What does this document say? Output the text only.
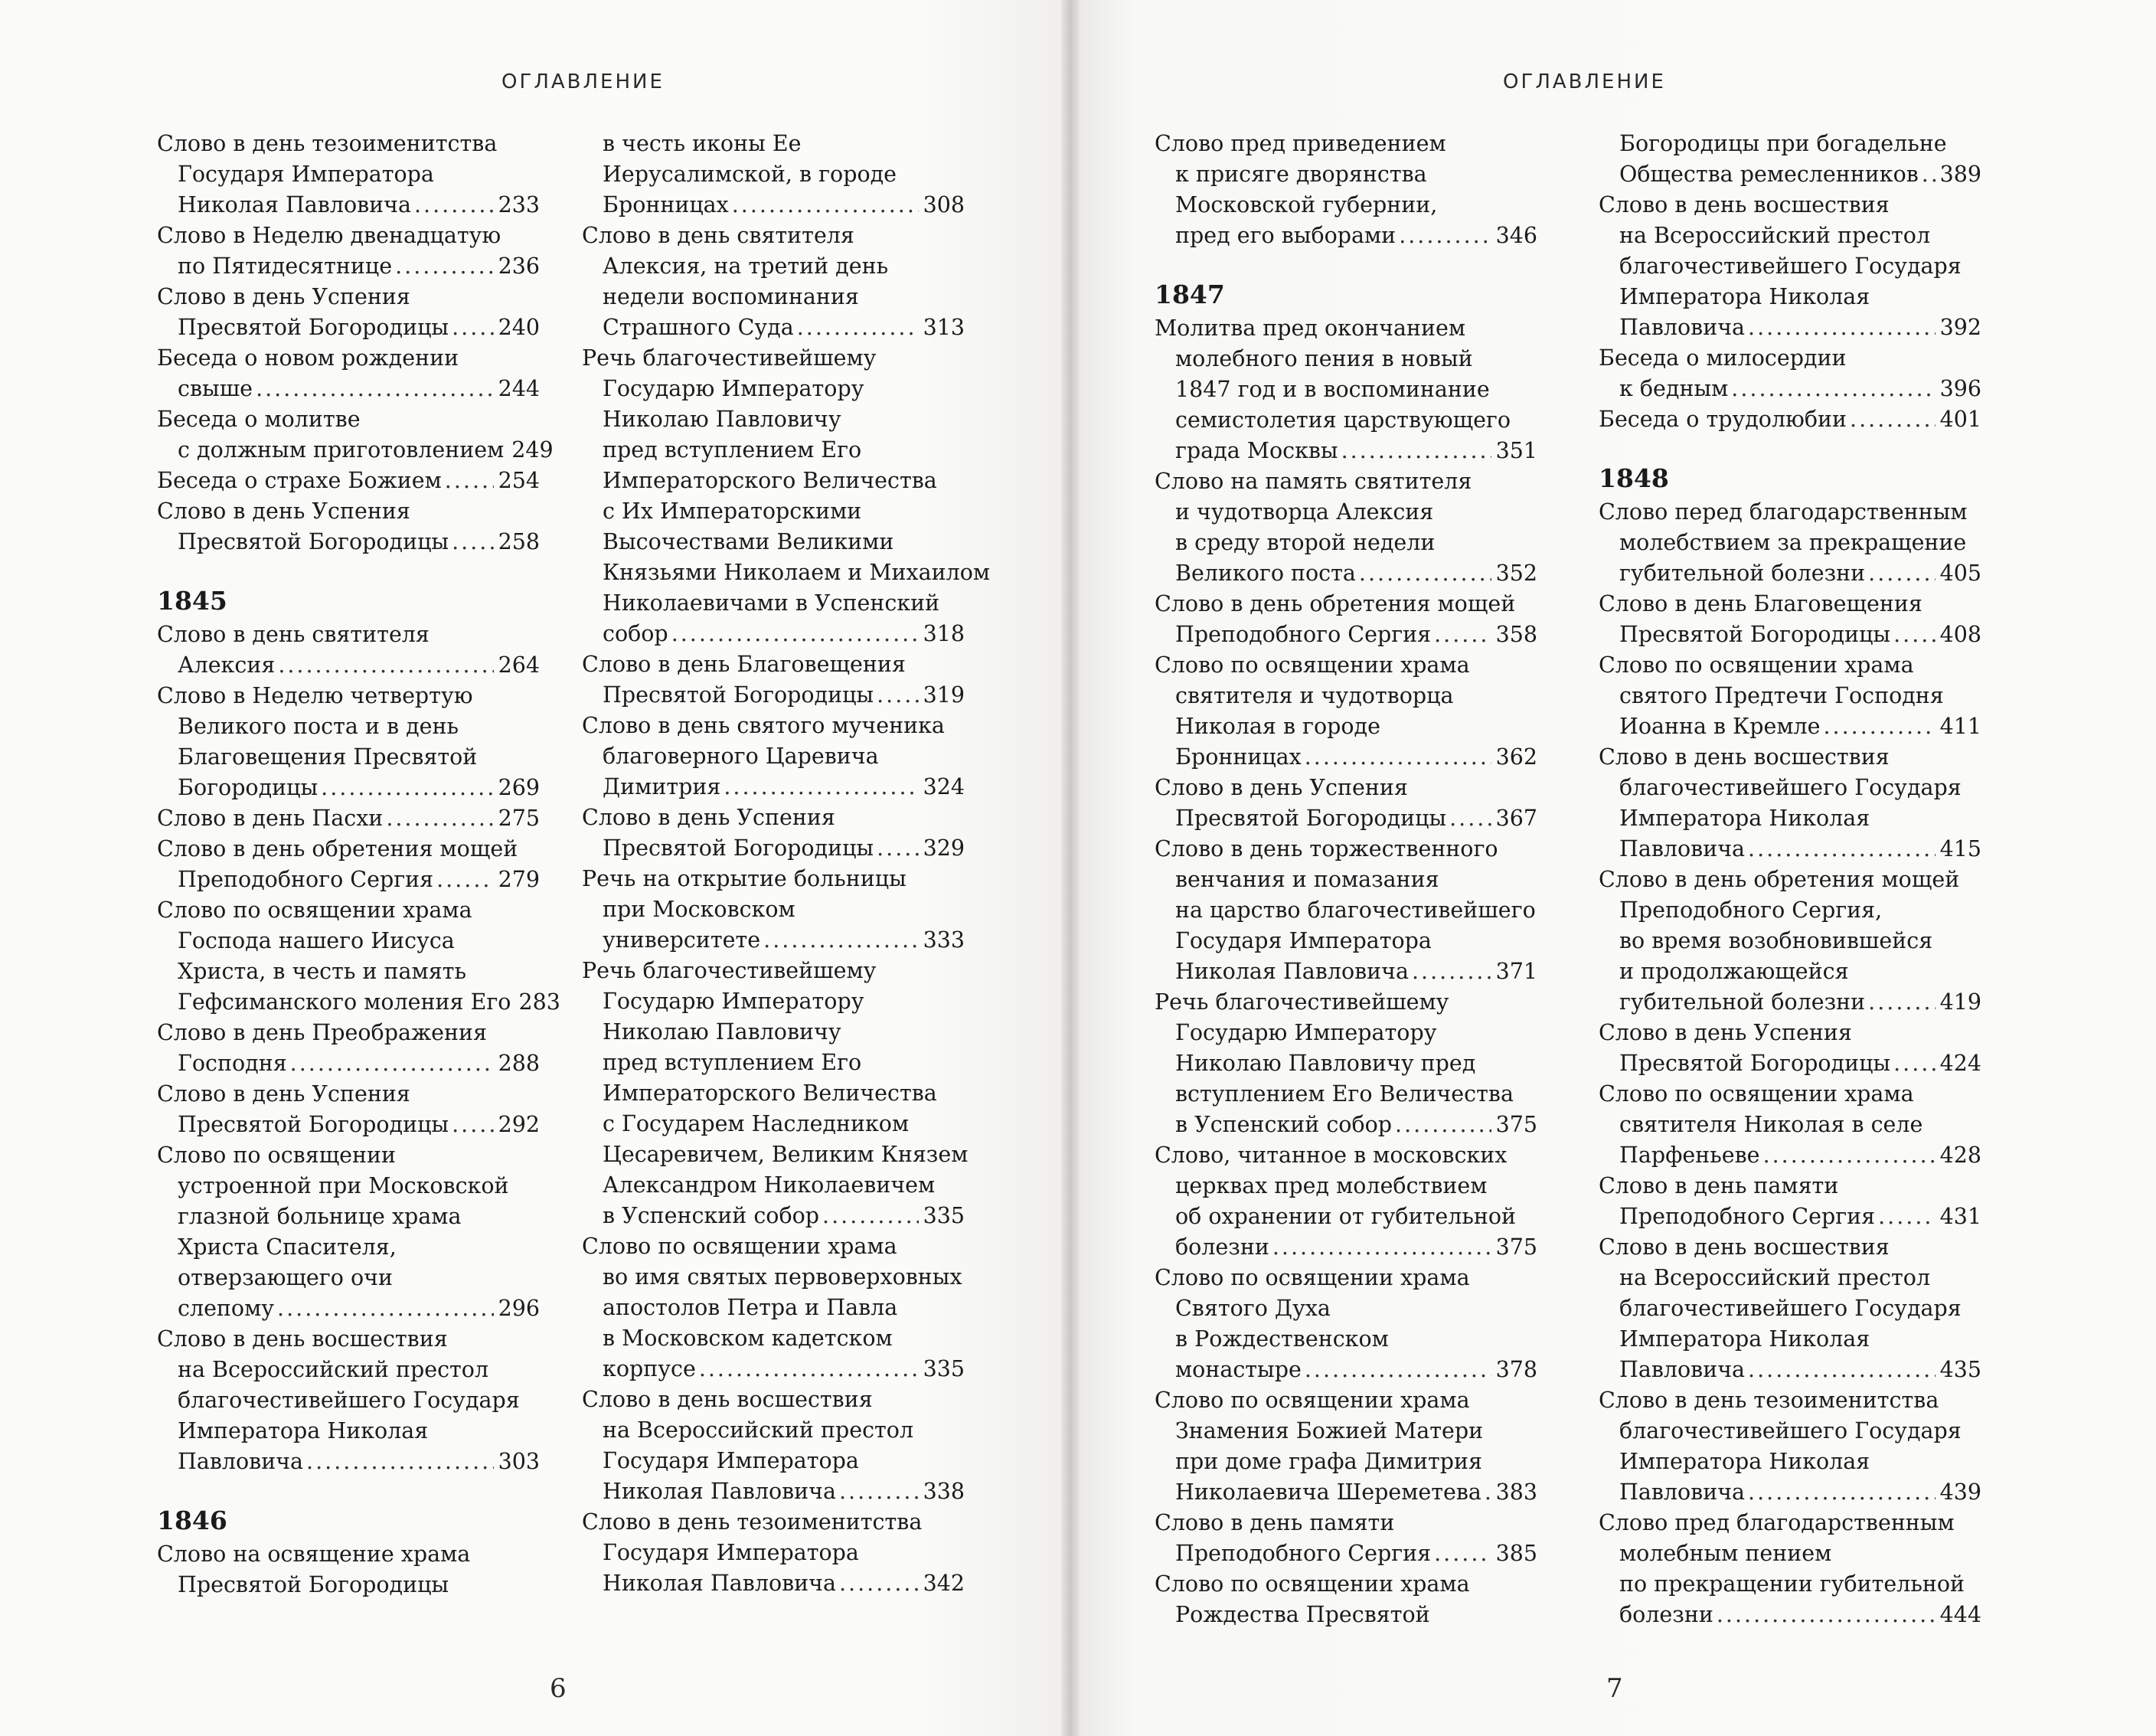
ОГЛАВЛЕНИЕ
Слово в день тезоименитства
Государя Императора
Николая Павловича .....	233
Слово в Неделю двенадцатую
по Пятидесятнице .....	236
Слово в день Успения
Пресвятой Богородицы ..... 240
Беседа о новом рождении
свыше .....	244
Беседа о молитве
с должным приготовлением 249
Беседа о страхе Божием .....	254
Слово в день Успения
Пресвятой Богородицы ..... 258
1845
Слово в день святителя
Алексия .....	264
Слово в Неделю четвертую
Великого поста и в день
Благовещения Пресвятой
Богородицы .....	269
Слово в день Пасхи .....	275
Слово в день обретения мощей
Преподобного Сергия .....	279
Слово по освящении храма
Господа нашего Иисуса
Христа, в честь и память
Гефсиманского моления Его 283
Слово в день Преображения
Господня .....	288
Слово в день Успения
Пресвятой Богородицы ..... 292
Слово по освящении
устроенной при Московской
глазной больнице храма
Христа Спасителя,
отверзающего очи
слепому .....	296
Слово в день восшествия
на Всероссийский престол
благочестивейшего Государя
Императора Николая
Павловича .....	303
1846
Слово на освящение храма
Пресвятой Богородицы
в честь иконы Ее
Иерусалимской, в городе
Бронницах .....	308
Слово в день святителя
Алексия, на третий день
недели воспоминания
Страшного Суда .....	313
Речь благочестивейшему
Государю Императору
Николаю Павловичу
пред вступлением Его
Императорского Величества
с Их Императорскими
Высочествами Великими
Князьями Николаем и Михаилом
Николаевичами в Успенский
собор .....	318
Слово в день Благовещения
Пресвятой Богородицы ..... 319
Слово в день святого мученика
благоверного Царевича
Димитрия .....	324
Слово в день Успения
Пресвятой Богородицы ..... 329
Речь на открытие больницы
при Московском
университете .....	333
Речь благочестивейшему
Государю Императору
Николаю Павловичу
пред вступлением Его
Императорского Величества
с Государем Наследником
Цесаревичем, Великим Князем
Александром Николаевичем
в Успенский собор .....	335
Слово по освящении храма
во имя святых первоверховных
апостолов Петра и Павла
в Московском кадетском
корпусе .....	335
Слово в день восшествия
на Всероссийский престол
Государя Императора
Николая Павловича .....	338
Слово в день тезоименитства
Государя Императора
Николая Павловича .....	342
6
ОГЛАВЛЕНИЕ
Слово пред приведением
к присяге дворянства
Московской губернии,
пред его выборами .....	346
1847
Молитва пред окончанием
молебного пения в новый
1847 год и в воспоминание
семистолетия царствующего
града Москвы .....	351
Слово на память святителя
и чудотворца Алексия
в среду второй недели
Великого поста .....	352
Слово в день обретения мощей
Преподобного Сергия .....	358
Слово по освящении храма
святителя и чудотворца
Николая в городе
Бронницах .....	362
Слово в день Успения
Пресвятой Богородицы ..... 367
Слово в день торжественного
венчания и помазания
на царство благочестивейшего
Государя Императора
Николая Павловича .....	371
Речь благочестивейшему
Государю Императору
Николаю Павловичу пред
вступлением Его Величества
в Успенский собор .....	375
Слово, читанное в московских
церквах пред молебствием
об охранении от губительной
болезни .....	375
Слово по освящении храма
Святого Духа
в Рождественском
монастыре .....	378
Слово по освящении храма
Знамения Божией Матери
при доме графа Димитрия
Николаевича Шереметева ..... 383
Слово в день памяти
Преподобного Сергия .....	385
Слово по освящении храма
Рождества Пресвятой
Богородицы при богадельне
Общества ремесленников ..... 389
Слово в день восшествия
на Всероссийский престол
благочестивейшего Государя
Императора Николая
Павловича .....	392
Беседа о милосердии
к бедным .....	396
Беседа о трудолюбии .....	401
1848
Слово перед благодарственным
молебствием за прекращение
губительной болезни .....	405
Слово в день Благовещения
Пресвятой Богородицы ..... 408
Слово по освящении храма
святого Предтечи Господня
Иоанна в Кремле .....	411
Слово в день восшествия
благочестивейшего Государя
Императора Николая
Павловича .....	415
Слово в день обретения мощей
Преподобного Сергия,
во время возобновившейся
и продолжающейся
губительной болезни .....	419
Слово в день Успения
Пресвятой Богородицы ..... 424
Слово по освящении храма
святителя Николая в селе
Парфеньеве .....	428
Слово в день памяти
Преподобного Сергия .....	431
Слово в день восшествия
на Всероссийский престол
благочестивейшего Государя
Императора Николая
Павловича .....	435
Слово в день тезоименитства
благочестивейшего Государя
Императора Николая
Павловича .....	439
Слово пред благодарственным
молебным пением
по прекращении губительной
болезни .....	444
7
